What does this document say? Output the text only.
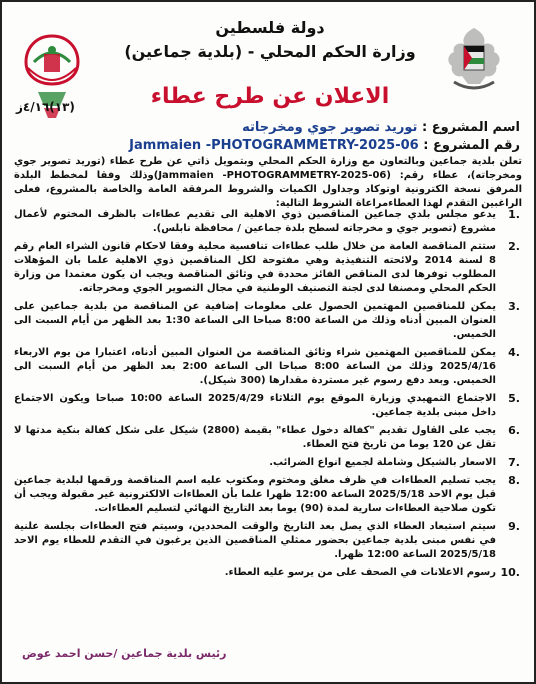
دولة فلسطين
وزارة الحكم المحلي - (بلدية جماعين)
الاعلان عن طرح عطاء
(١٣)٤/١٦ز
اسم المشروع : توريد تصوير جوي ومخرجاته
رقم المشروع : Jammaien -PHOTOGRAMMETRY-2025-06
تعلن بلدية جماعين وبالتعاون مع وزارة الحكم المحلي وبتمويل ذاتي عن طرح عطاء (توريد تصوير جوي ومخرجاته)، عطاء رقم: (Jammaien -PHOTOGRAMMETRY-2025-06)وذلك وفقا لمخطط البلدة المرفق نسخة الكترونية اوتوكاد وجداول الكميات والشروط المرفقة العامة والخاصة بالمشروع، فعلى الراغبين التقدم لهذا العطاءمراعاة الشروط التالية:
1.
يدعو مجلس بلدي جماعين المناقصين ذوي الاهلية الى تقديم عطاءات بالظرف المختوم لأعمال مشروع (تصوير جوي و مخرجاته لسطح بلدة جماعين / محافظة نابلس).
2.
ستتم المناقصة العامة من خلال طلب عطاءات تنافسية محلية وفقا لاحكام قانون الشراء العام رقم 8 لسنة 2014 ولائحته التنفيذية وهي مفتوحة لكل المناقصين ذوي الاهلية علما بان المؤهلات المطلوب توفرها لدى المناقص الفائز محددة في وثائق المناقصة ويجب ان يكون معتمدا من وزارة الحكم المحلي ومصنفا لدى لجنة التصنيف الوطنية في مجال التصوير الجوي ومخرجاته.
3.
يمكن للمناقصين المهتمين الحصول على معلومات إضافية عن المناقصة من بلدية جماعين على العنوان المبين أدناه وذلك من الساعة 8:00 صباحا الى الساعة 1:30 بعد الظهر من أيام السبت الى الخميس.
4.
يمكن للمناقصين المهتمين شراء وثائق المناقصة من العنوان المبين أدناه، اعتبارا من يوم الاربعاء 2025/4/16 وذلك من الساعة 8:00 صباحا الى الساعة 2:00 بعد الظهر من أيام السبت الى الخميس. وبعد دفع رسوم غير مستردة مقدارها (300 شيكل).
5.
الاجتماع التمهيدي وزيارة الموقع يوم الثلاثاء 2025/4/29 الساعة 10:00 صباحا ويكون الاجتماع داخل مبنى بلدية جماعين.
6.
يجب على القاول تقديم "كفالة دخول عطاء" بقيمة (2800) شيكل على شكل كفالة بنكية مدتها لا تقل عن 120 يوما من تاريخ فتح العطاء.
7.
الاسعار بالشيكل وشاملة لجميع انواع الضرائب.
8.
يجب تسليم العطاءات في ظرف مغلق ومختوم ومكتوب عليه اسم المناقصة ورقمها لبلدية جماعين قبل يوم الاحد 2025/5/18 الساعة 12:00 ظهرا علما بأن العطاءات الالكترونية غير مقبولة ويجب أن تكون صلاحية العطاءات سارية لمدة (90) يوما بعد التاريخ النهائي لتسليم العطاءات.
9.
سيتم استبعاد العطاء الذي يصل بعد التاريخ والوقت المحددين، وسيتم فتح العطاءات بجلسة علنية في نفس مبنى بلدية جماعين بحضور ممثلي المناقصين الذين يرغبون في التقدم للعطاء يوم الاحد 2025/5/18 الساعة 12:00 ظهرا.
10.
رسوم الاعلانات في الصحف على من يرسو عليه العطاء.
رئيس بلدية جماعين /حسن احمد عوض
